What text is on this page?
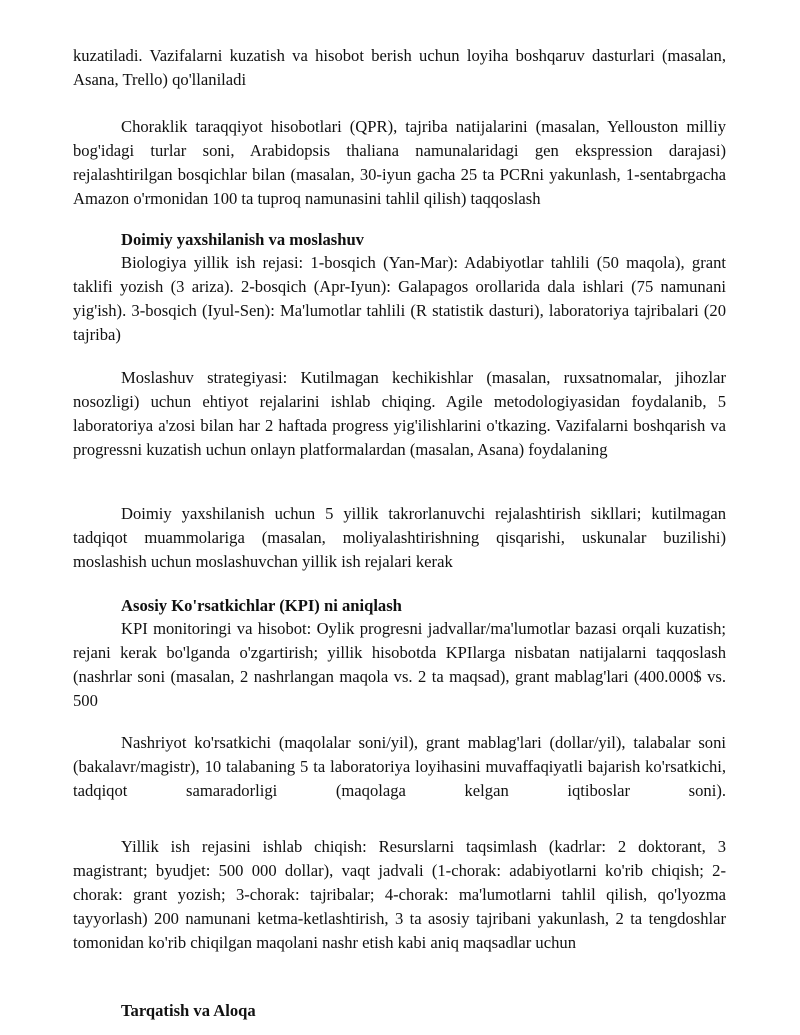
kuzatiladi. Vazifalarni kuzatish va hisobot berish uchun loyiha boshqaruv dasturlari (masalan, Asana, Trello) qo'llaniladi

Choraklik taraqqiyot hisobotlari (QPR), tajriba natijalarini (masalan, Yellouston milliy bog'idagi turlar soni, Arabidopsis thaliana namunalaridagi gen ekspression darajasi) rejalashtirilgan bosqichlar bilan (masalan, 30-iyun gacha 25 ta PCRni yakunlash, 1-sentabrgacha Amazon o'rmonidan 100 ta tuproq namunasini tahlil qilish) taqqoslash

Doimiy yaxshilanish va moslashuv

Biologiya yillik ish rejasi: 1-bosqich (Yan-Mar): Adabiyotlar tahlili (50 maqola), grant taklifi yozish (3 ariza). 2-bosqich (Apr-Iyun): Galapagos orollarida dala ishlari (75 namunani yig'ish). 3-bosqich (Iyul-Sen): Ma'lumotlar tahlili (R statistik dasturi), laboratoriya tajribalari (20 tajriba)

Moslashuv strategiyasi: Kutilmagan kechikishlar (masalan, ruxsatnomalar, jihozlar nosozligi) uchun ehtiyot rejalarini ishlab chiqing. Agile metodologiyasidan foydalanib, 5 laboratoriya a'zosi bilan har 2 haftada progress yig'ilishlarini o'tkazing. Vazifalarni boshqarish va progressni kuzatish uchun onlayn platformalardan (masalan, Asana) foydalaning

Doimiy yaxshilanish uchun 5 yillik takrorlanuvchi rejalashtirish sikllari; kutilmagan tadqiqot muammolariga (masalan, moliyalashtirishning qisqarishi, uskunalar buzilishi) moslashish uchun moslashuvchan yillik ish rejalari kerak

Asosiy Ko'rsatkichlar (KPI) ni aniqlash

KPI monitoringi va hisobot: Oylik progresni jadvallar/ma'lumotlar bazasi orqali kuzatish; rejani kerak bo'lganda o'zgartirish; yillik hisobotda KPIlarga nisbatan natijalarni taqqoslash (nashrlar soni (masalan, 2 nashrlangan maqola vs. 2 ta maqsad), grant mablag'lari (400.000$ vs. 500

Nashriyot ko'rsatkichi (maqolalar soni/yil), grant mablag'lari (dollar/yil), talabalar soni (bakalavr/magistr), 10 talabaning 5 ta laboratoriya loyihasini muvaffaqiyatli bajarish ko'rsatkichi, tadqiqot samaradorligi (maqolaga kelgan iqtiboslar soni).

Yillik ish rejasini ishlab chiqish: Resurslarni taqsimlash (kadrlar: 2 doktorant, 3 magistrant; byudjet: 500 000 dollar), vaqt jadvali (1-chorak: adabiyotlarni ko'rib chiqish; 2-chorak: grant yozish; 3-chorak: tajribalar; 4-chorak: ma'lumotlarni tahlil qilish, qo'lyozma tayyorlash) 200 namunani ketma-ketlashtirish, 3 ta asosiy tajribani yakunlash, 2 ta tengdoshlar tomonidan ko'rib chiqilgan maqolani nashr etish kabi aniq maqsadlar uchun

Tarqatish va Aloqa
